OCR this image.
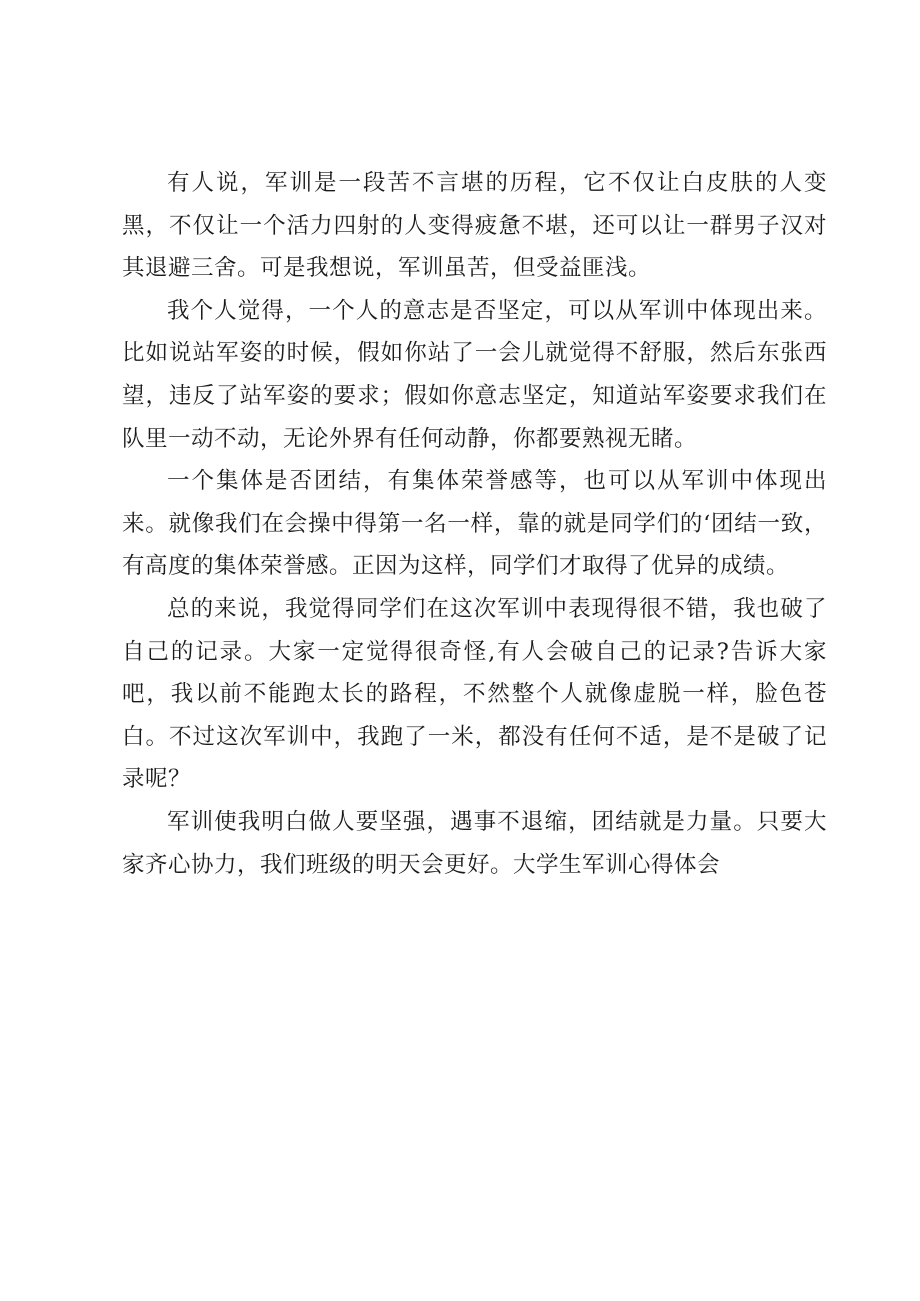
有人说，军训是一段苦不言堪的历程，它不仅让白皮肤的人变黑，不仅让一个活力四射的人变得疲惫不堪，还可以让一群男子汉对其退避三舍。可是我想说，军训虽苦，但受益匪浅。

我个人觉得，一个人的意志是否坚定，可以从军训中体现出来。比如说站军姿的时候，假如你站了一会儿就觉得不舒服，然后东张西望，违反了站军姿的要求；假如你意志坚定，知道站军姿要求我们在队里一动不动，无论外界有任何动静，你都要熟视无睹。

一个集体是否团结，有集体荣誉感等，也可以从军训中体现出来。就像我们在会操中得第一名一样，靠的就是同学们的‘团结一致，有高度的集体荣誉感。正因为这样，同学们才取得了优异的成绩。

总的来说，我觉得同学们在这次军训中表现得很不错，我也破了自己的记录。大家一定觉得很奇怪,有人会破自己的记录?告诉大家吧，我以前不能跑太长的路程，不然整个人就像虚脱一样，脸色苍白。不过这次军训中，我跑了一米，都没有任何不适，是不是破了记录呢？

军训使我明白做人要坚强，遇事不退缩，团结就是力量。只要大家齐心协力，我们班级的明天会更好。大学生军训心得体会
